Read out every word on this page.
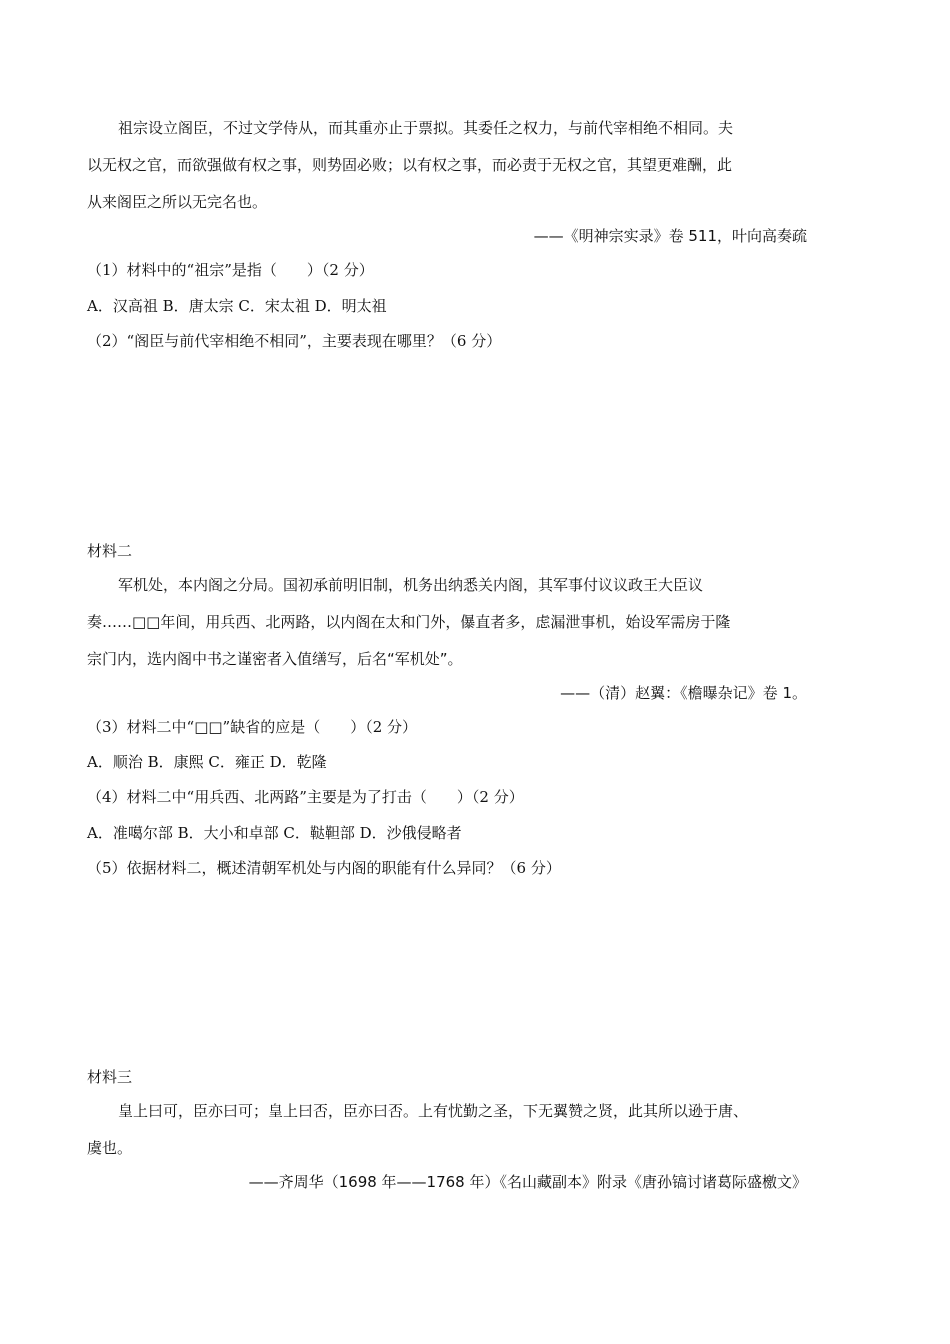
祖宗设立阁臣，不过文学侍从，而其重亦止于票拟。其委任之权力，与前代宰相绝不相同。夫
以无权之官，而欲强做有权之事，则势固必败；以有权之事，而必责于无权之官，其望更难酬，此
从来阁臣之所以无完名也。
——《明神宗实录》卷 511，叶向高奏疏
（1）材料中的“祖宗”是指（　　）（2 分）
A．汉高祖 B．唐太宗 C．宋太祖 D．明太祖
（2）“阁臣与前代宰相绝不相同”，主要表现在哪里？（6 分）
材料二
军机处，本内阁之分局。国初承前明旧制，机务出纳悉关内阁，其军事付议议政王大臣议
奏……□□年间，用兵西、北两路，以内阁在太和门外，儤直者多，虑漏泄事机，始设军需房于隆
宗门内，选内阁中书之谨密者入值缮写，后名“军机处”。
——（清）赵翼：《檐曝杂记》卷 1。
（3）材料二中“□□”缺省的应是（　　）（2 分）
A．顺治 B．康熙 C．雍正 D．乾隆
（4）材料二中“用兵西、北两路”主要是为了打击（　　）（2 分）
A．准噶尔部 B．大小和卓部 C．鞑靼部 D．沙俄侵略者
（5）依据材料二，概述清朝军机处与内阁的职能有什么异同？（6 分）
材料三
皇上曰可，臣亦曰可；皇上曰否，臣亦曰否。上有忧勤之圣，下无翼赞之贤，此其所以逊于唐、
虞也。
——齐周华（1698 年——1768 年）《名山藏副本》附录《唐孙镐讨诸葛际盛檄文》
